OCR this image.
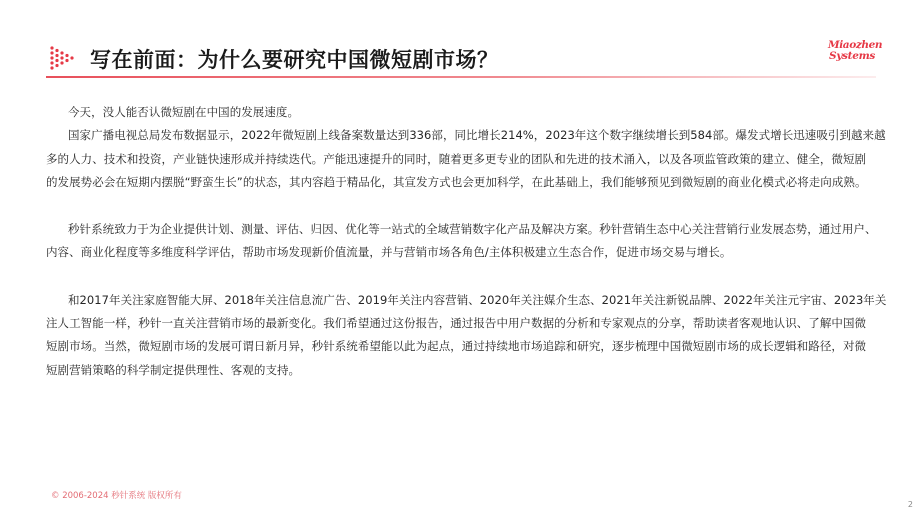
写在前面：为什么要研究中国微短剧市场？
Miaozhen
Systems
今天，没人能否认微短剧在中国的发展速度。
国家广播电视总局发布数据显示，2022年微短剧上线备案数量达到336部，同比增长214%，2023年这个数字继续增长到584部。爆发式增长迅速吸引到越来越
多的人力、技术和投资，产业链快速形成并持续迭代。产能迅速提升的同时，随着更多更专业的团队和先进的技术涌入，以及各项监管政策的建立、健全，微短剧
的发展势必会在短期内摆脱“野蛮生长”的状态，其内容趋于精品化，其宣发方式也会更加科学，在此基础上，我们能够预见到微短剧的商业化模式必将走向成熟。
秒针系统致力于为企业提供计划、测量、评估、归因、优化等一站式的全域营销数字化产品及解决方案。秒针营销生态中心关注营销行业发展态势，通过用户、
内容、商业化程度等多维度科学评估，帮助市场发现新价值流量，并与营销市场各角色/主体积极建立生态合作，促进市场交易与增长。
和2017年关注家庭智能大屏、2018年关注信息流广告、2019年关注内容营销、2020年关注媒介生态、2021年关注新锐品牌、2022年关注元宇宙、2023年关
注人工智能一样，秒针一直关注营销市场的最新变化。我们希望通过这份报告，通过报告中用户数据的分析和专家观点的分享，帮助读者客观地认识、了解中国微
短剧市场。当然，微短剧市场的发展可谓日新月异，秒针系统希望能以此为起点，通过持续地市场追踪和研究，逐步梳理中国微短剧市场的成长逻辑和路径，对微
短剧营销策略的科学制定提供理性、客观的支持。
© 2006-2024 秒针系统 版权所有
2
